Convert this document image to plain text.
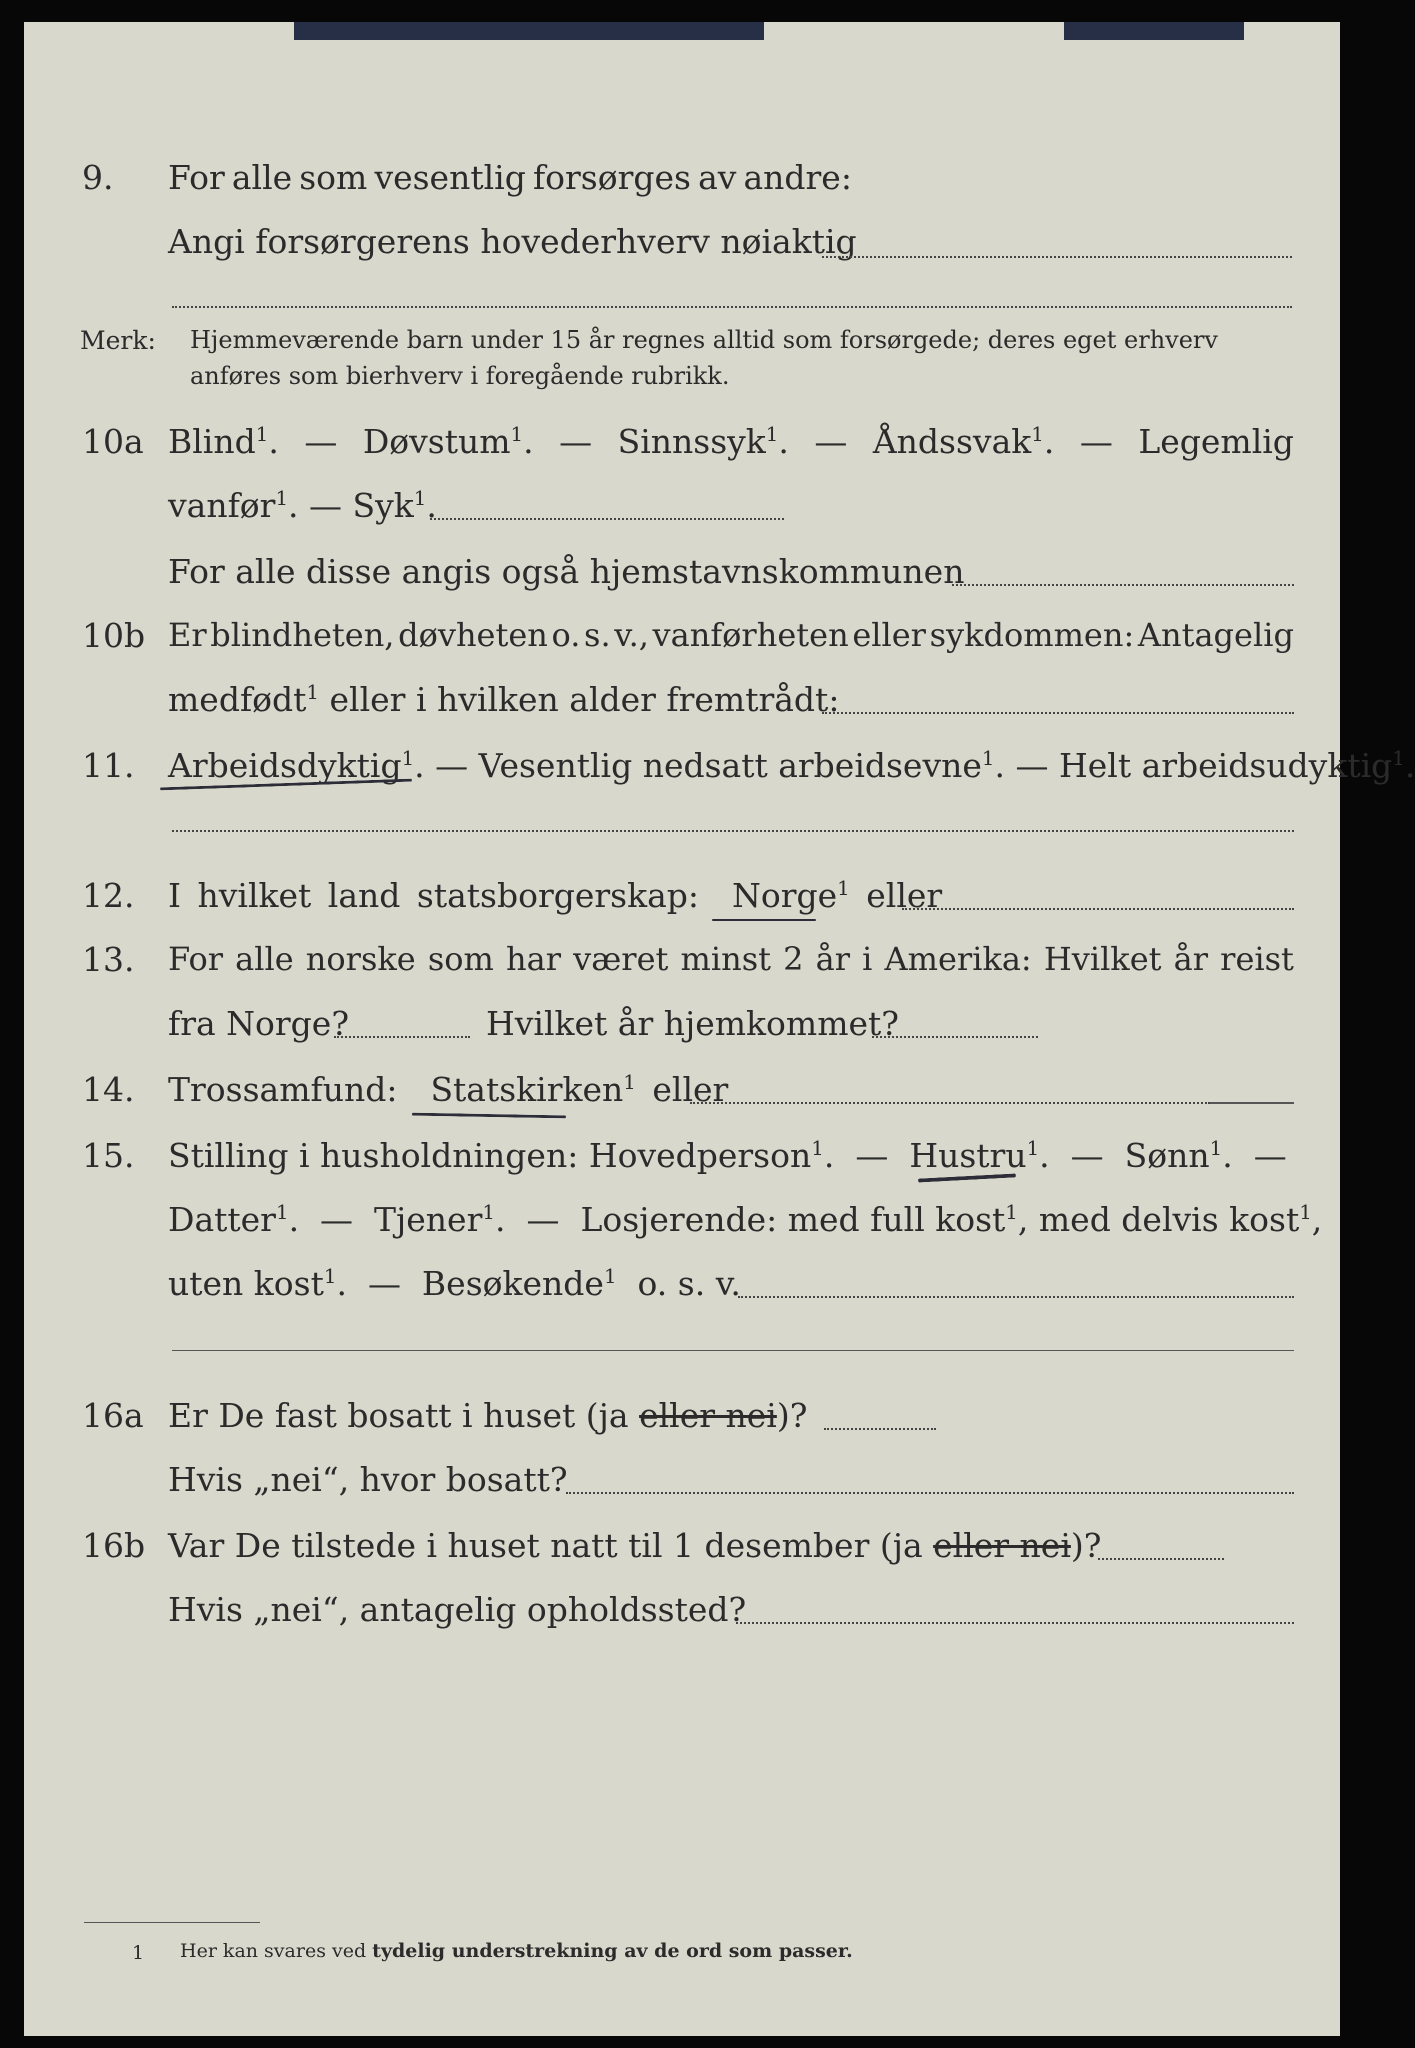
9. For alle som vesentlig forsørges av andre:
Angi forsørgerens hovederhverv nøiaktig
Merk: Hjemmeværende barn under 15 år regnes alltid som forsørgede; deres eget erhverv
anføres som bierhverv i foregående rubrikk.
10a Blind$^1$. — Døvstum$^1$. — Sinnssyk$^1$. — Åndssvak$^1$. — Legemlig
vanfør$^1$. — Syk$^1$.
For alle disse angis også hjemstavnskommunen
10b Er blindheten, døvheten o. s. v., vanførheten eller sykdommen: Antagelig
medfødt$^1$ eller i hvilken alder fremtrådt:
11. Arbeidsdyktig$^1$. — Vesentlig nedsatt arbeidsevne$^1$. — Helt arbeidsudyktig$^1$.
12. I hvilket land statsborgerskap: Norge$^1$ eller
13. For alle norske som har været minst 2 år i Amerika: Hvilket år reist
fra Norge?	Hvilket år hjemkommet?
14. Trossamfund: Statskirken$^1$ eller
15. Stilling i husholdningen: Hovedperson$^1$.  — Hustru$^1$.  — Sønn$^1$.  —
Datter$^1$.  — Tjener$^1$.  — Losjerende: med full kost$^1$, med delvis kost$^1$,
uten kost$^1$.  — Besøkende$^1$ o. s. v.
16a Er De fast bosatt i huset (ja eller nei)?
Hvis „nei“, hvor bosatt?
16b Var De tilstede i huset natt til 1 desember (ja eller nei)?
Hvis „nei“, antagelig opholdssted?
1 Her kan svares ved tydelig understrekning av de ord som passer.
